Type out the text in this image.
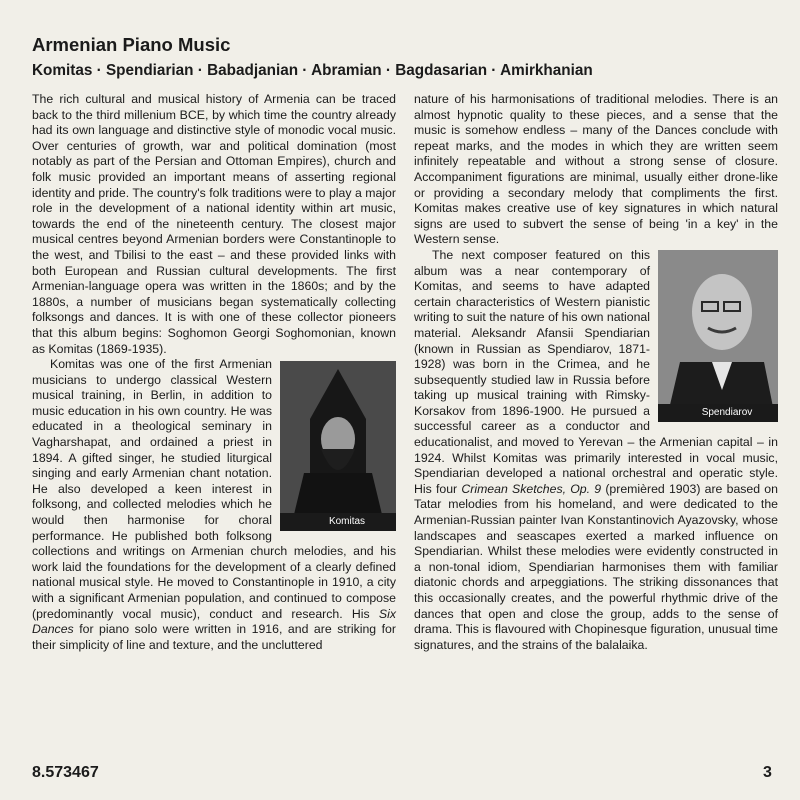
Armenian Piano Music
Komitas · Spendiarian · Babadjanian · Abramian · Bagdasarian · Amirkhanian

The rich cultural and musical history of Armenia can be traced back to the third millenium BCE, by which time the country already had its own language and distinctive style of monodic vocal music. Over centuries of growth, war and political domination (most notably as part of the Persian and Ottoman Empires), church and folk music provided an important means of asserting regional identity and pride. The country's folk traditions were to play a major role in the development of a national identity within art music, towards the end of the nineteenth century. The closest major musical centres beyond Armenian borders were Constantinople to the west, and Tbilisi to the east – and these provided links with both European and Russian cultural developments. The first Armenian-language opera was written in the 1860s; and by the 1880s, a number of musicians began systematically collecting folksongs and dances. It is with one of these collector pioneers that this album begins: Soghomon Georgi Soghomonian, known as Komitas (1869-1935).

Komitas
Komitas was one of the first Armenian musicians to undergo classical Western musical training, in Berlin, in addition to music education in his own country. He was educated in a theological seminary in Vagharshapat, and ordained a priest in 1894. A gifted singer, he studied liturgical singing and early Armenian chant notation. He also developed a keen interest in folksong, and collected melodies which he would then harmonise for choral performance. He published both folksong collections and writings on Armenian church melodies, and his work laid the foundations for the development of a clearly defined national musical style. He moved to Constantinople in 1910, a city with a significant Armenian population, and continued to compose (predominantly vocal music), conduct and research. His Six Dances for piano solo were written in 1916, and are striking for their simplicity of line and texture, and the uncluttered

nature of his harmonisations of traditional melodies. There is an almost hypnotic quality to these pieces, and a sense that the music is somehow endless – many of the Dances conclude with repeat marks, and the modes in which they are written seem infinitely repeatable and without a strong sense of closure. Accompaniment figurations are minimal, usually either drone-like or providing a secondary melody that compliments the first. Komitas makes creative use of key signatures in which natural signs are used to subvert the sense of being 'in a key' in the Western sense.

Spendiarov
The next composer featured on this album was a near contemporary of Komitas, and seems to have adapted certain characteristics of Western pianistic writing to suit the nature of his own national material. Aleksandr Afansii Spendiarian (known in Russian as Spendiarov, 1871-1928) was born in the Crimea, and he subsequently studied law in Russia before taking up musical training with Rimsky-Korsakov from 1896-1900. He pursued a successful career as a conductor and educationalist, and moved to Yerevan – the Armenian capital – in 1924. Whilst Komitas was primarily interested in vocal music, Spendiarian developed a national orchestral and operatic style. His four Crimean Sketches, Op. 9 (premièred 1903) are based on Tatar melodies from his homeland, and were dedicated to the Armenian-Russian painter Ivan Konstantinovich Ayazovsky, whose landscapes and seascapes exerted a marked influence on Spendiarian. Whilst these melodies were evidently constructed in a non-tonal idiom, Spendiarian harmonises them with familiar diatonic chords and arpeggiations. The striking dissonances that this occasionally creates, and the powerful rhythmic drive of the dances that open and close the group, adds to the sense of drama. This is flavoured with Chopinesque figuration, unusual time signatures, and the strains of the balalaika.

8.573467	3
